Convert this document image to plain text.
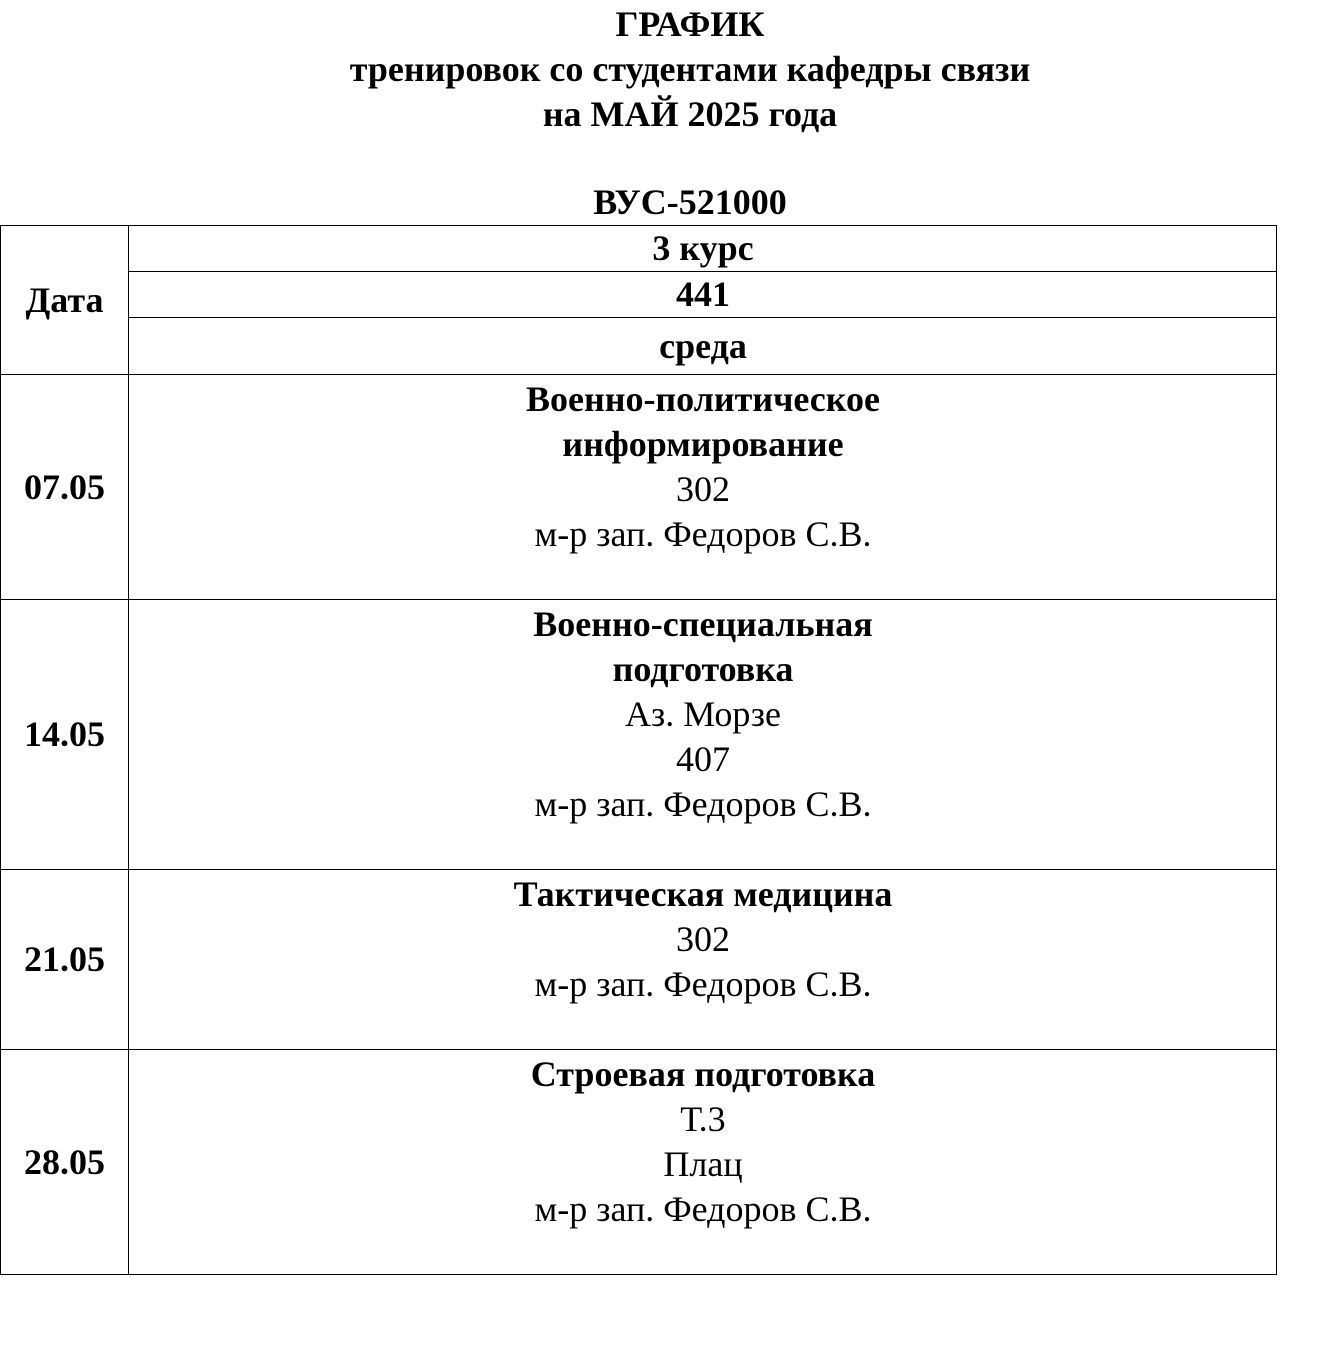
ГРАФИК
тренировок со студентами кафедры связи
на МАЙ 2025 года
ВУС-521000
Дата
3 курс
441
среда
07.05
Военно-политическое
информирование
302
м-р зап. Федоров С.В.
14.05
Военно-специальная
подготовка
Аз. Морзе
407
м-р зап. Федоров С.В.
21.05
Тактическая медицина
302
м-р зап. Федоров С.В.
28.05
Строевая подготовка
Т.3
Плац
м-р зап. Федоров С.В.
